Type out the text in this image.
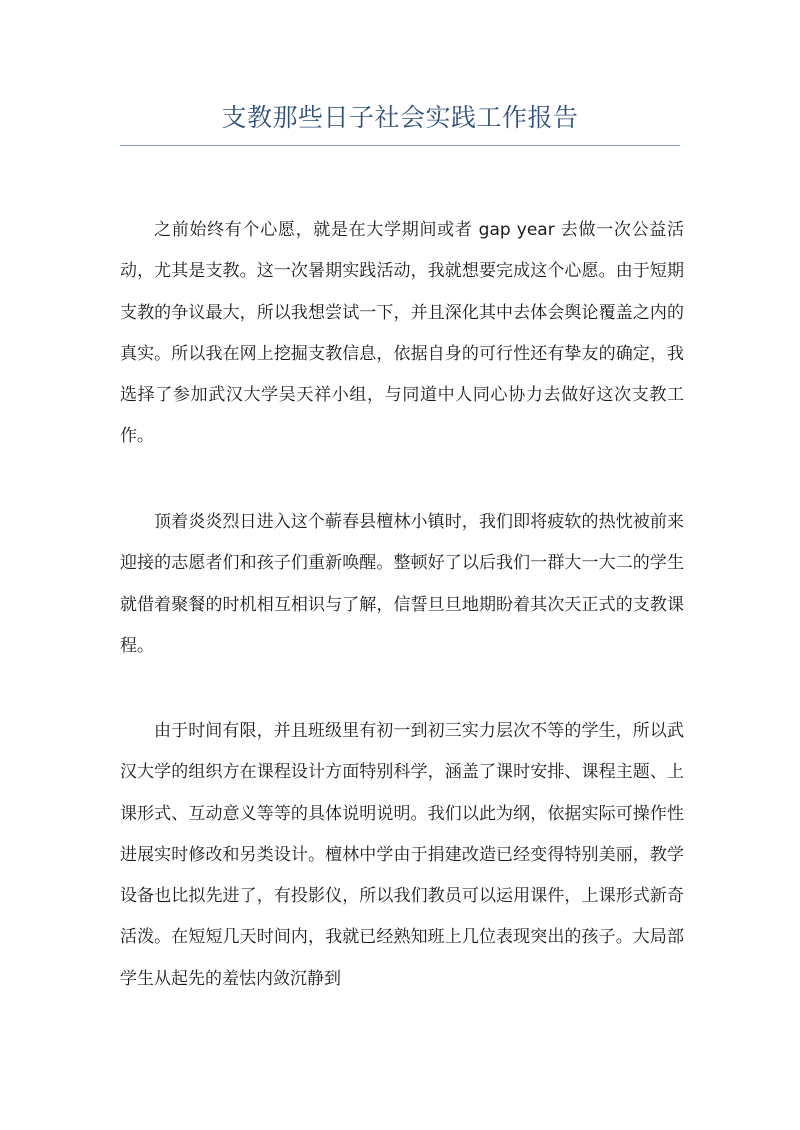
支教那些日子社会实践工作报告

之前始终有个心愿，就是在大学期间或者 gap year 去做一次公益活动，尤其是支教。这一次暑期实践活动，我就想要完成这个心愿。由于短期支教的争议最大，所以我想尝试一下，并且深化其中去体会舆论覆盖之内的真实。所以我在网上挖掘支教信息，依据自身的可行性还有挚友的确定，我选择了参加武汉大学吴天祥小组，与同道中人同心协力去做好这次支教工作。

顶着炎炎烈日进入这个蕲春县檀林小镇时，我们即将疲软的热忱被前来迎接的志愿者们和孩子们重新唤醒。整顿好了以后我们一群大一大二的学生就借着聚餐的时机相互相识与了解，信誓旦旦地期盼着其次天正式的支教课程。

由于时间有限，并且班级里有初一到初三实力层次不等的学生，所以武汉大学的组织方在课程设计方面特别科学，涵盖了课时安排、课程主题、上课形式、互动意义等等的具体说明说明。我们以此为纲，依据实际可操作性进展实时修改和另类设计。檀林中学由于捐建改造已经变得特别美丽，教学设备也比拟先进了，有投影仪，所以我们教员可以运用课件，上课形式新奇活泼。在短短几天时间内，我就已经熟知班上几位表现突出的孩子。大局部学生从起先的羞怯内敛沉静到
